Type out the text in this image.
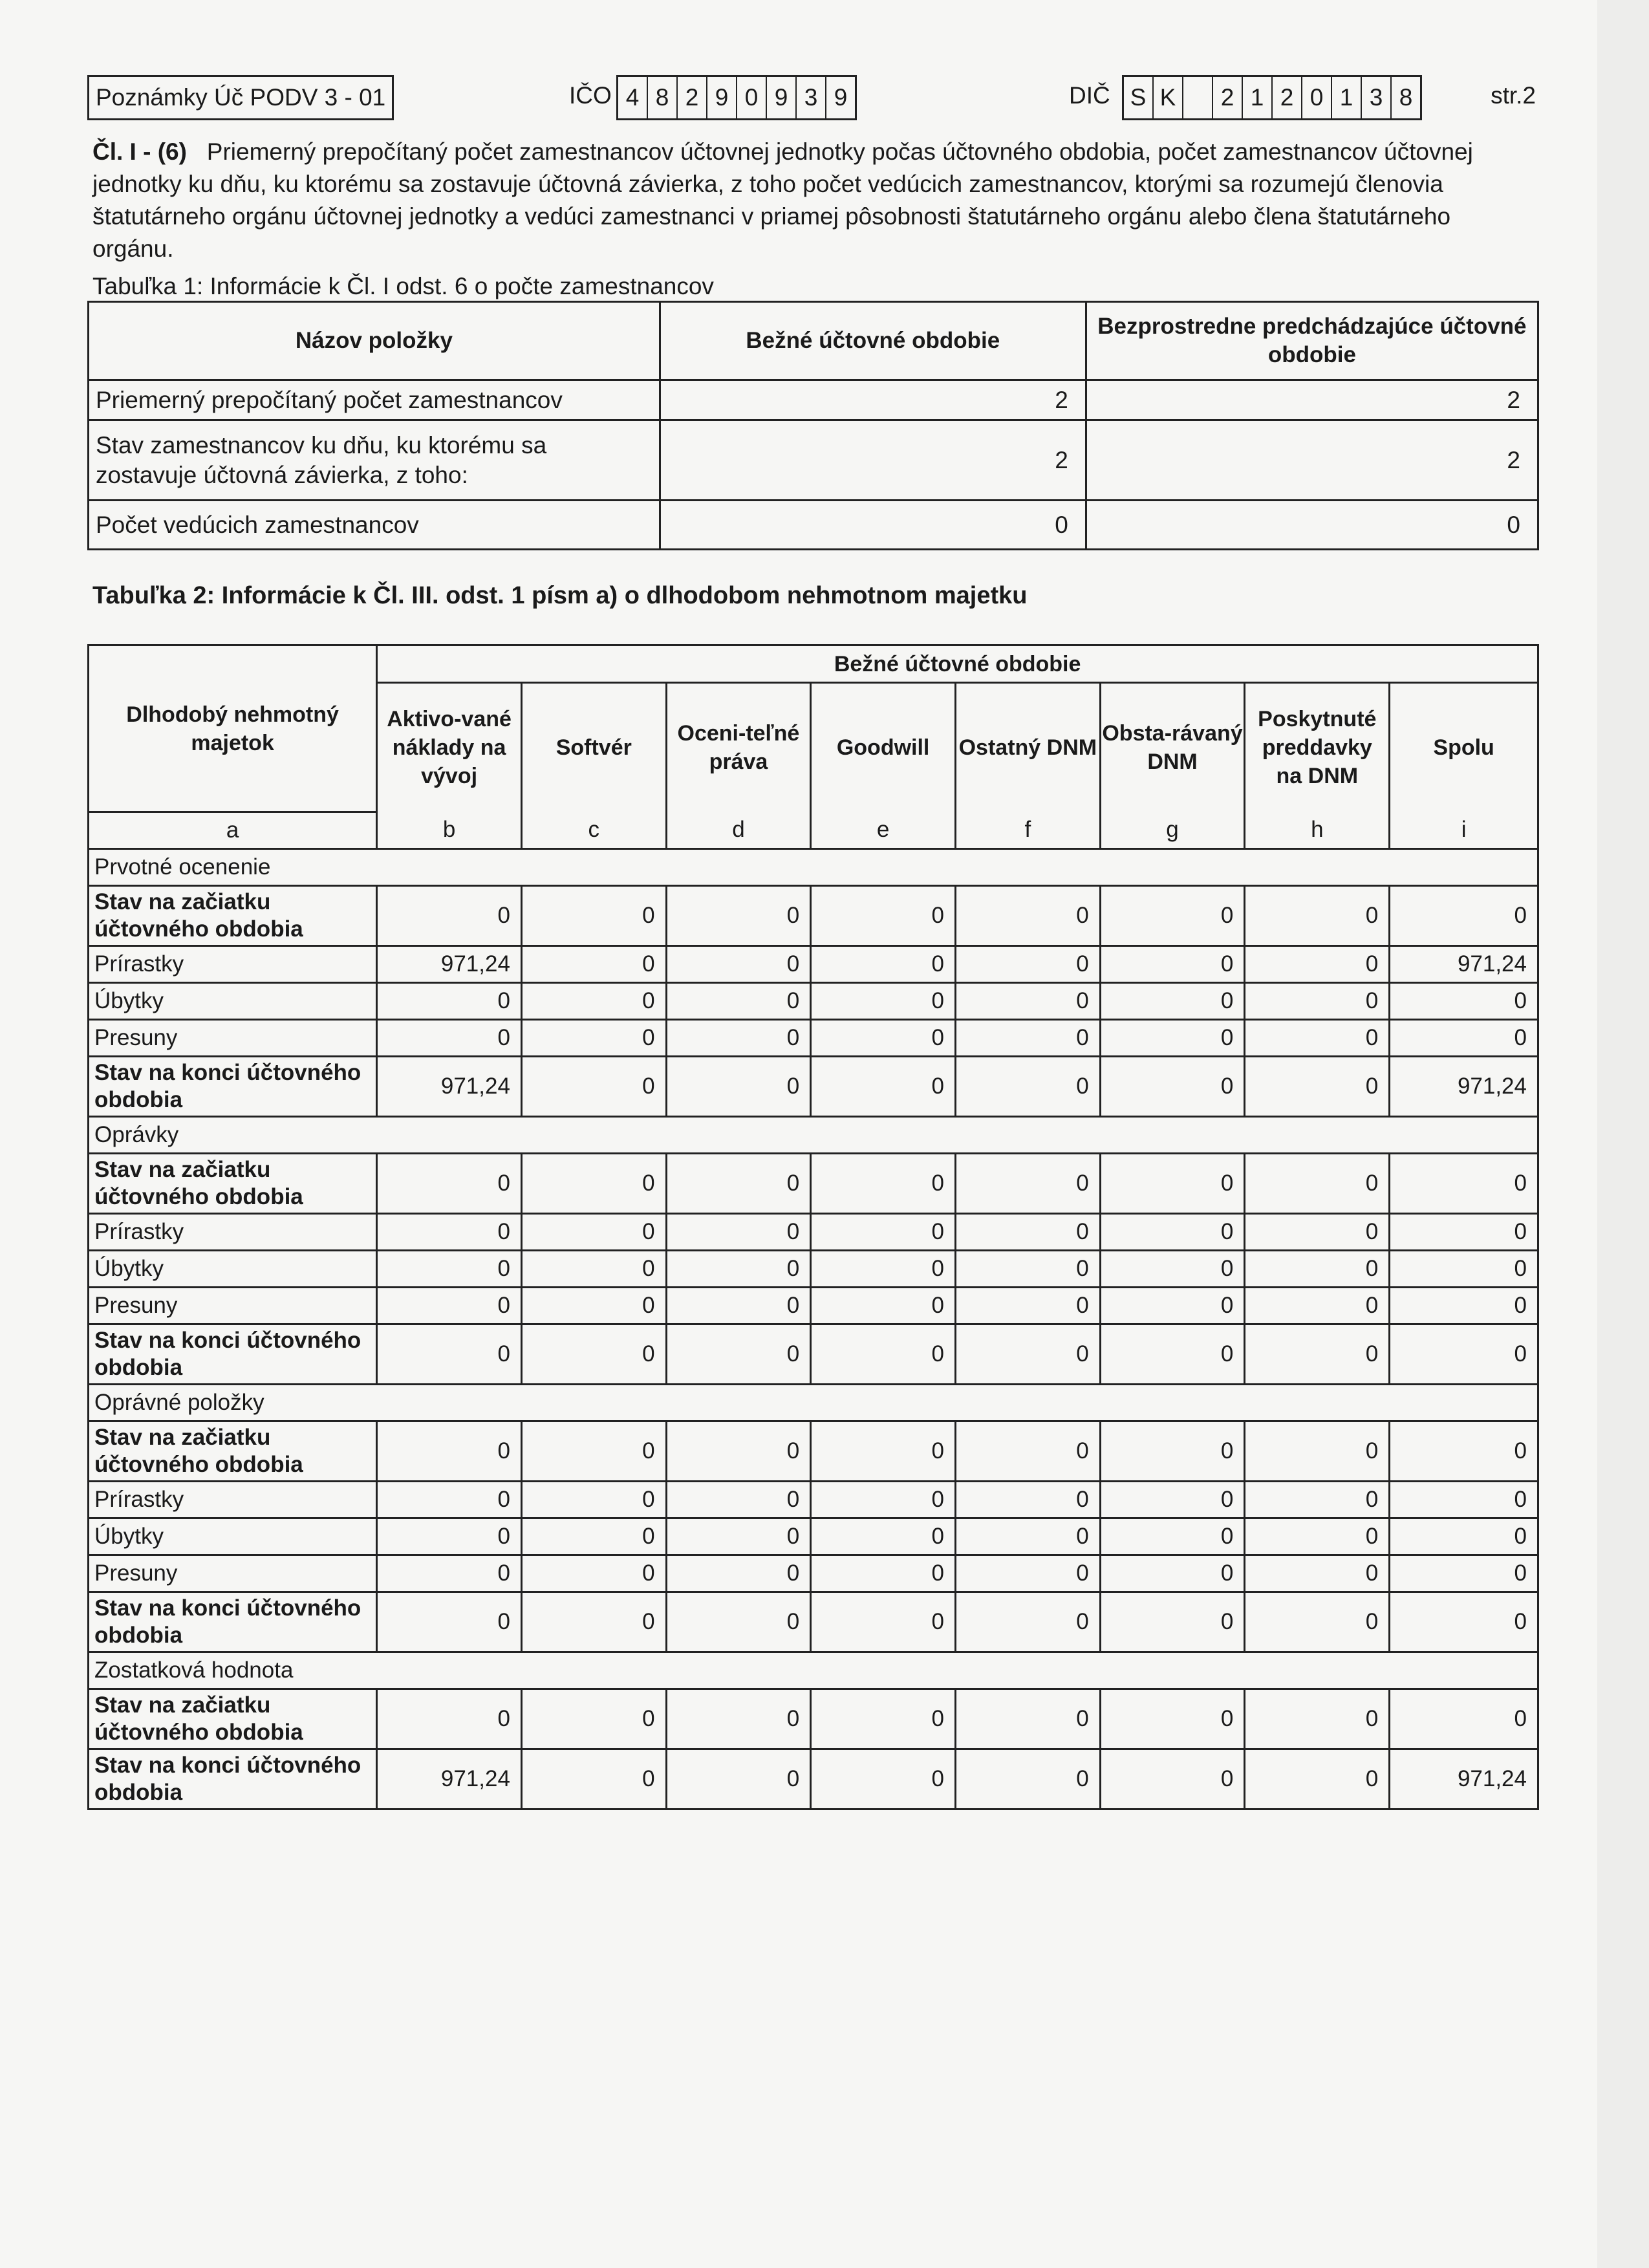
Poznámky Úč PODV 3 - 01	IČO 4 8 2 9 0 9 3 9	DIČ S K	2 1 2 0 1 3 8	str.2
Čl. I - (6) Priemerný prepočítaný počet zamestnancov účtovnej jednotky počas účtovného obdobia, počet zamestnancov účtovnej jednotky ku dňu, ku ktorému sa zostavuje účtovná závierka, z toho počet vedúcich zamestnancov, ktorými sa rozumejú členovia štatutárneho orgánu účtovnej jednotky a vedúci zamestnanci v priamej pôsobnosti štatutárneho orgánu alebo člena štatutárneho orgánu.
Tabuľka 1: Informácie k Čl. I odst. 6 o počte zamestnancov
Názov položky	Bežné účtovné obdobie	Bezprostredne predchádzajúce účtovné obdobie
Priemerný prepočítaný počet zamestnancov	2	2
Stav zamestnancov ku dňu, ku ktorému sa zostavuje účtovná závierka, z toho:	2	2
Počet vedúcich zamestnancov	0	0
Tabuľka 2: Informácie k Čl. III. odst. 1 písm a) o dlhodobom nehmotnom majetku
Dlhodobý nehmotný majetok	Bežné účtovné obdobie							
	Aktivo-vané náklady na vývoj	Softvér	Oceni-teľné práva	Goodwill	Ostatný DNM	Obsta-rávaný DNM	Poskytnuté preddavky na DNM	Spolu
a	b	c	d	e	f	g	h	i
Prvotné ocenenie								
Stav na začiatku účtovného obdobia	0	0	0	0	0	0	0	0
Prírastky	971,24	0	0	0	0	0	0	971,24
Úbytky	0	0	0	0	0	0	0	0
Presuny	0	0	0	0	0	0	0	0
Stav na konci účtovného obdobia	971,24	0	0	0	0	0	0	971,24
Oprávky								
Stav na začiatku účtovného obdobia	0	0	0	0	0	0	0	0
Prírastky	0	0	0	0	0	0	0	0
Úbytky	0	0	0	0	0	0	0	0
Presuny	0	0	0	0	0	0	0	0
Stav na konci účtovného obdobia	0	0	0	0	0	0	0	0
Oprávné položky								
Stav na začiatku účtovného obdobia	0	0	0	0	0	0	0	0
Prírastky	0	0	0	0	0	0	0	0
Úbytky	0	0	0	0	0	0	0	0
Presuny	0	0	0	0	0	0	0	0
Stav na konci účtovného obdobia	0	0	0	0	0	0	0	0
Zostatková hodnota								
Stav na začiatku účtovného obdobia	0	0	0	0	0	0	0	0
Stav na konci účtovného obdobia	971,24	0	0	0	0	0	0	971,24
